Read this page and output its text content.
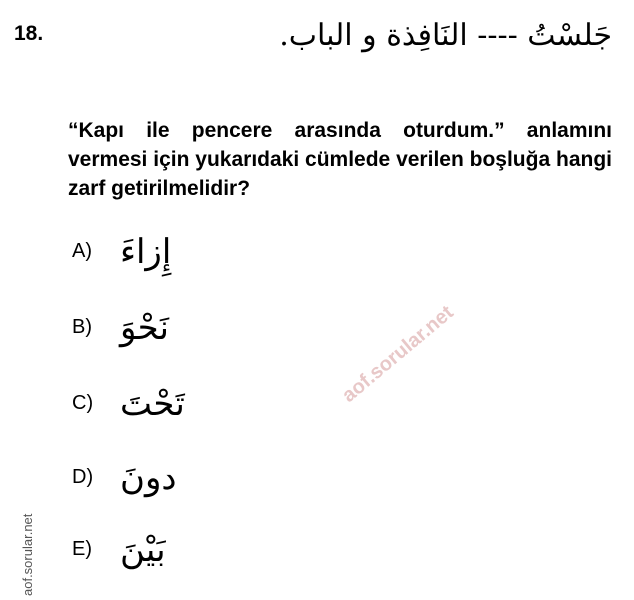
18.	جَلسْتُ ---- النَافِذة و الباب.
“Kapı ile pencere arasında oturdum.” anlamını vermesi için yukarıdaki cümlede verilen boşluğa hangi zarf getirilmelidir?
A) إِزاءَ
B) نَحْوَ
C) تَحْتَ
D) دونَ
E) بَيْنَ
aof.sorular.net
aof.sorular.net
